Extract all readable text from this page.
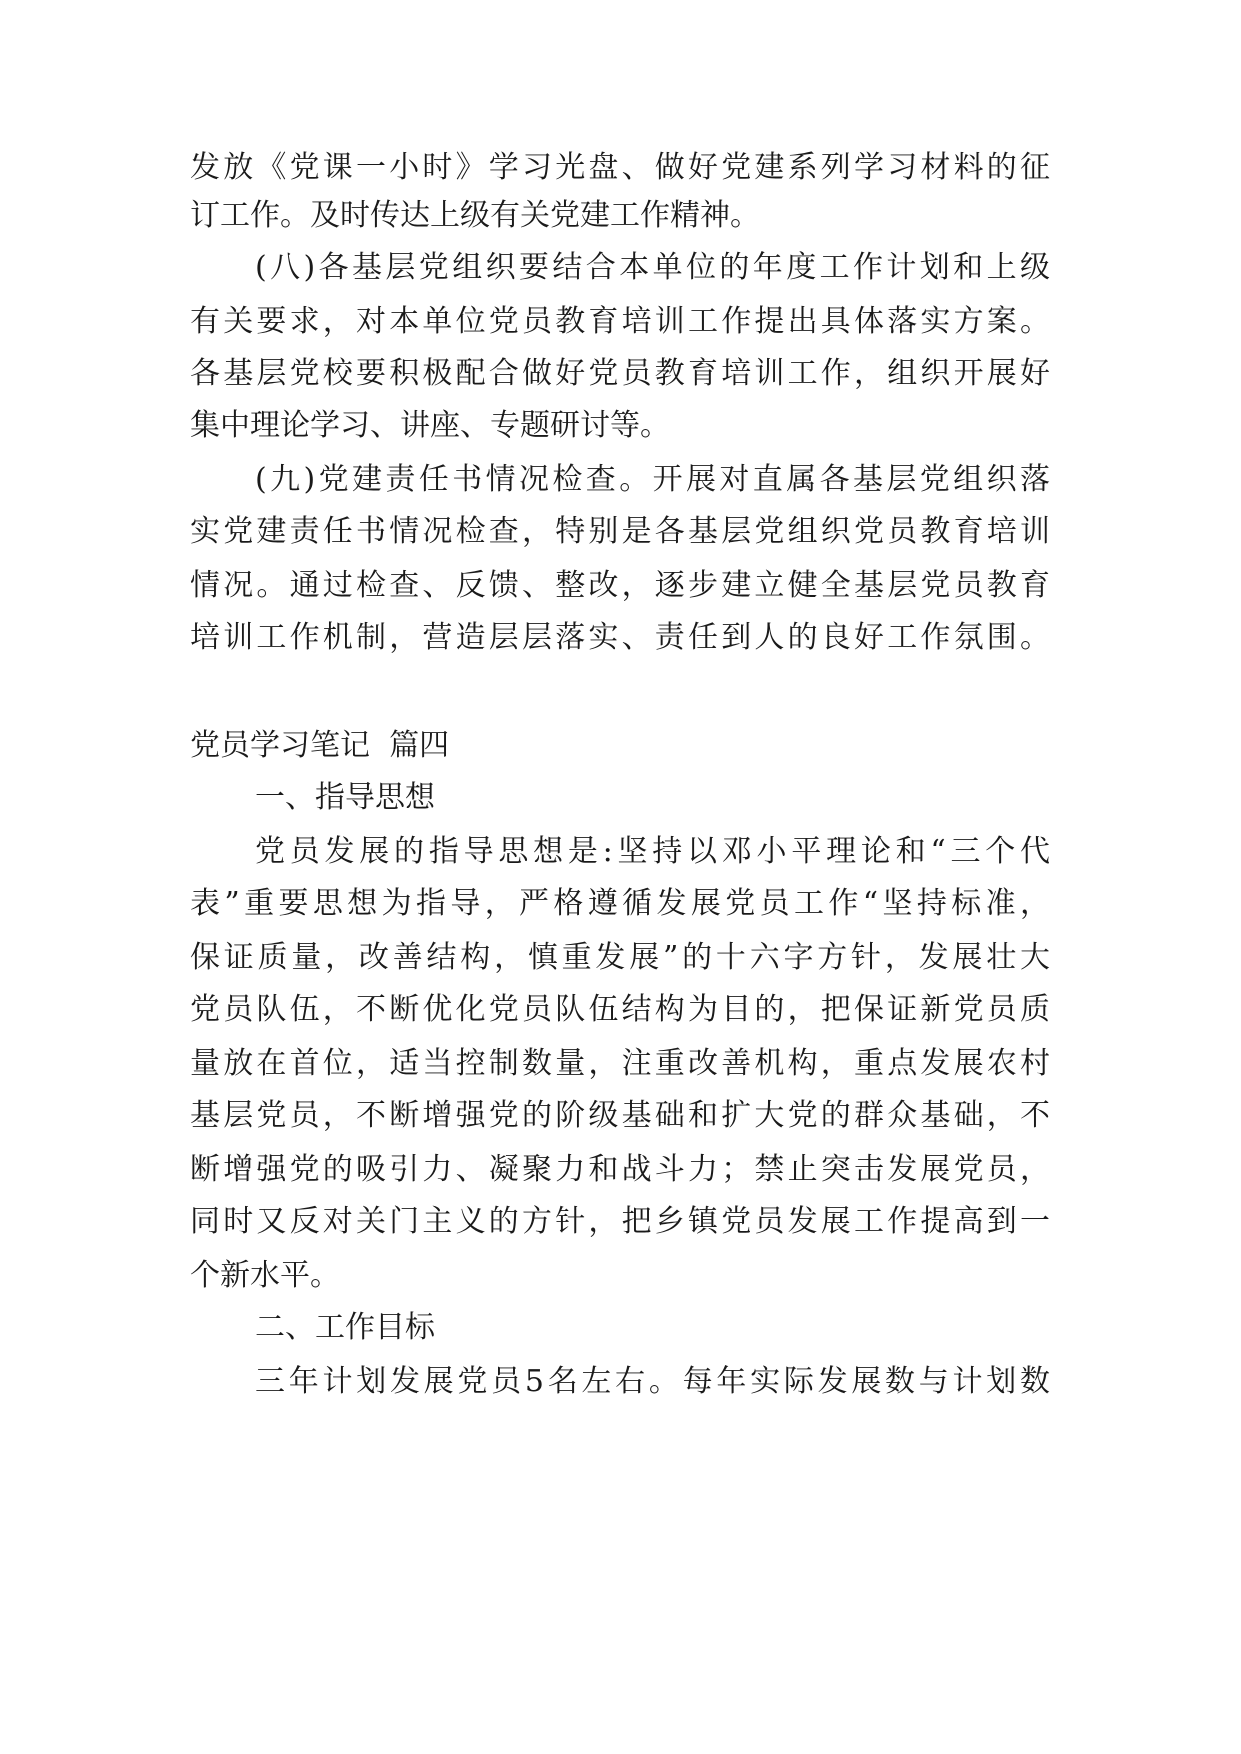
发放《党课一小时》学习光盘、做好党建系列学习材料的征
订工作。及时传达上级有关党建工作精神。
(八)各基层党组织要结合本单位的年度工作计划和上级
有关要求，对本单位党员教育培训工作提出具体落实方案。
各基层党校要积极配合做好党员教育培训工作，组织开展好
集中理论学习、讲座、专题研讨等。
(九)党建责任书情况检查。开展对直属各基层党组织落
实党建责任书情况检查，特别是各基层党组织党员教育培训
情况。通过检查、反馈、整改，逐步建立健全基层党员教育
培训工作机制，营造层层落实、责任到人的良好工作氛围。
党员学习笔记  篇四
一、指导思想
党员发展的指导思想是:坚持以邓小平理论和“三个代
表”重要思想为指导，严格遵循发展党员工作“坚持标准，
保证质量，改善结构，慎重发展”的十六字方针，发展壮大
党员队伍，不断优化党员队伍结构为目的，把保证新党员质
量放在首位，适当控制数量，注重改善机构，重点发展农村
基层党员，不断增强党的阶级基础和扩大党的群众基础，不
断增强党的吸引力、凝聚力和战斗力；禁止突击发展党员，
同时又反对关门主义的方针，把乡镇党员发展工作提高到一
个新水平。
二、工作目标
三年计划发展党员5名左右。每年实际发展数与计划数
